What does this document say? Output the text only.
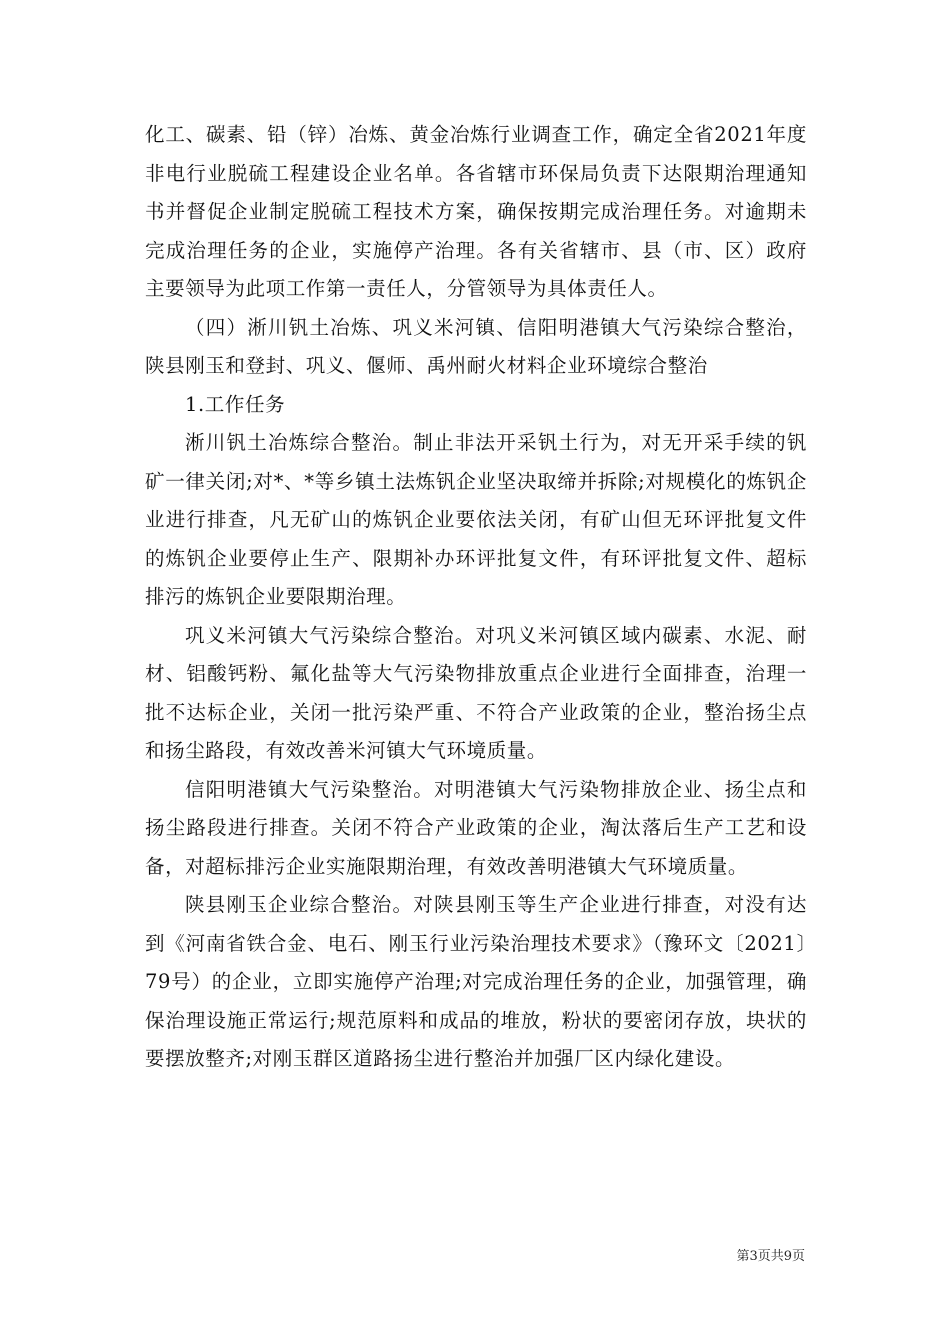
化工、碳素、铅（锌）冶炼、黄金冶炼行业调查工作，确定全省2021年度非电行业脱硫工程建设企业名单。各省辖市环保局负责下达限期治理通知书并督促企业制定脱硫工程技术方案，确保按期完成治理任务。对逾期未完成治理任务的企业，实施停产治理。各有关省辖市、县（市、区）政府主要领导为此项工作第一责任人，分管领导为具体责任人。

（四）淅川钒土冶炼、巩义米河镇、信阳明港镇大气污染综合整治，陕县刚玉和登封、巩义、偃师、禹州耐火材料企业环境综合整治

1.工作任务

淅川钒土冶炼综合整治。制止非法开采钒土行为，对无开采手续的钒矿一律关闭;对*、*等乡镇土法炼钒企业坚决取缔并拆除;对规模化的炼钒企业进行排查，凡无矿山的炼钒企业要依法关闭，有矿山但无环评批复文件的炼钒企业要停止生产、限期补办环评批复文件，有环评批复文件、超标排污的炼钒企业要限期治理。

巩义米河镇大气污染综合整治。对巩义米河镇区域内碳素、水泥、耐材、铝酸钙粉、氟化盐等大气污染物排放重点企业进行全面排查，治理一批不达标企业，关闭一批污染严重、不符合产业政策的企业，整治扬尘点和扬尘路段，有效改善米河镇大气环境质量。

信阳明港镇大气污染整治。对明港镇大气污染物排放企业、扬尘点和扬尘路段进行排查。关闭不符合产业政策的企业，淘汰落后生产工艺和设备，对超标排污企业实施限期治理，有效改善明港镇大气环境质量。

陕县刚玉企业综合整治。对陕县刚玉等生产企业进行排查，对没有达到《河南省铁合金、电石、刚玉行业污染治理技术要求》（豫环文〔2021〕79号）的企业，立即实施停产治理;对完成治理任务的企业，加强管理，确保治理设施正常运行;规范原料和成品的堆放，粉状的要密闭存放，块状的要摆放整齐;对刚玉群区道路扬尘进行整治并加强厂区内绿化建设。

第3页共9页
